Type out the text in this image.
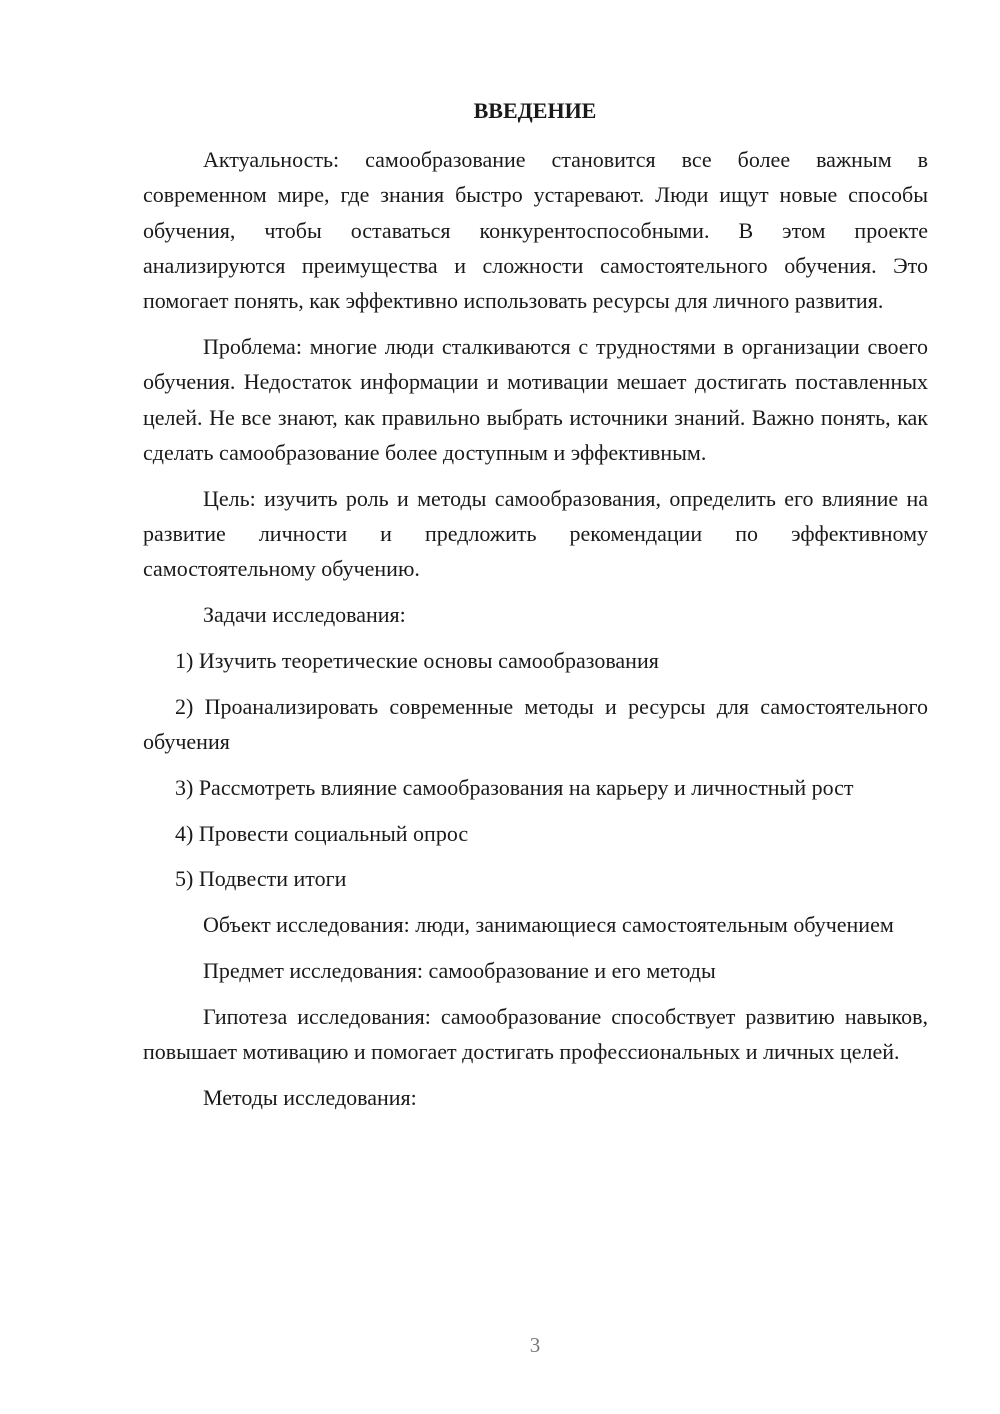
ВВЕДЕНИЕ

Актуальность: самообразование становится все более важным в современном мире, где знания быстро устаревают. Люди ищут новые способы обучения, чтобы оставаться конкурентоспособными. В этом проекте анализируются преимущества и сложности самостоятельного обучения. Это помогает понять, как эффективно использовать ресурсы для личного развития.

Проблема: многие люди сталкиваются с трудностями в организации своего обучения. Недостаток информации и мотивации мешает достигать поставленных целей. Не все знают, как правильно выбрать источники знаний. Важно понять, как сделать самообразование более доступным и эффективным.

Цель: изучить роль и методы самообразования, определить его влияние на развитие личности и предложить рекомендации по эффективному самостоятельному обучению.

Задачи исследования:

1) Изучить теоретические основы самообразования

2) Проанализировать современные методы и ресурсы для самостоятельного обучения

3) Рассмотреть влияние самообразования на карьеру и личностный рост

4) Провести социальный опрос

5) Подвести итоги

Объект исследования: люди, занимающиеся самостоятельным обучением

Предмет исследования: самообразование и его методы

Гипотеза исследования: самообразование способствует развитию навыков, повышает мотивацию и помогает достигать профессиональных и личных целей.

Методы исследования:

3
